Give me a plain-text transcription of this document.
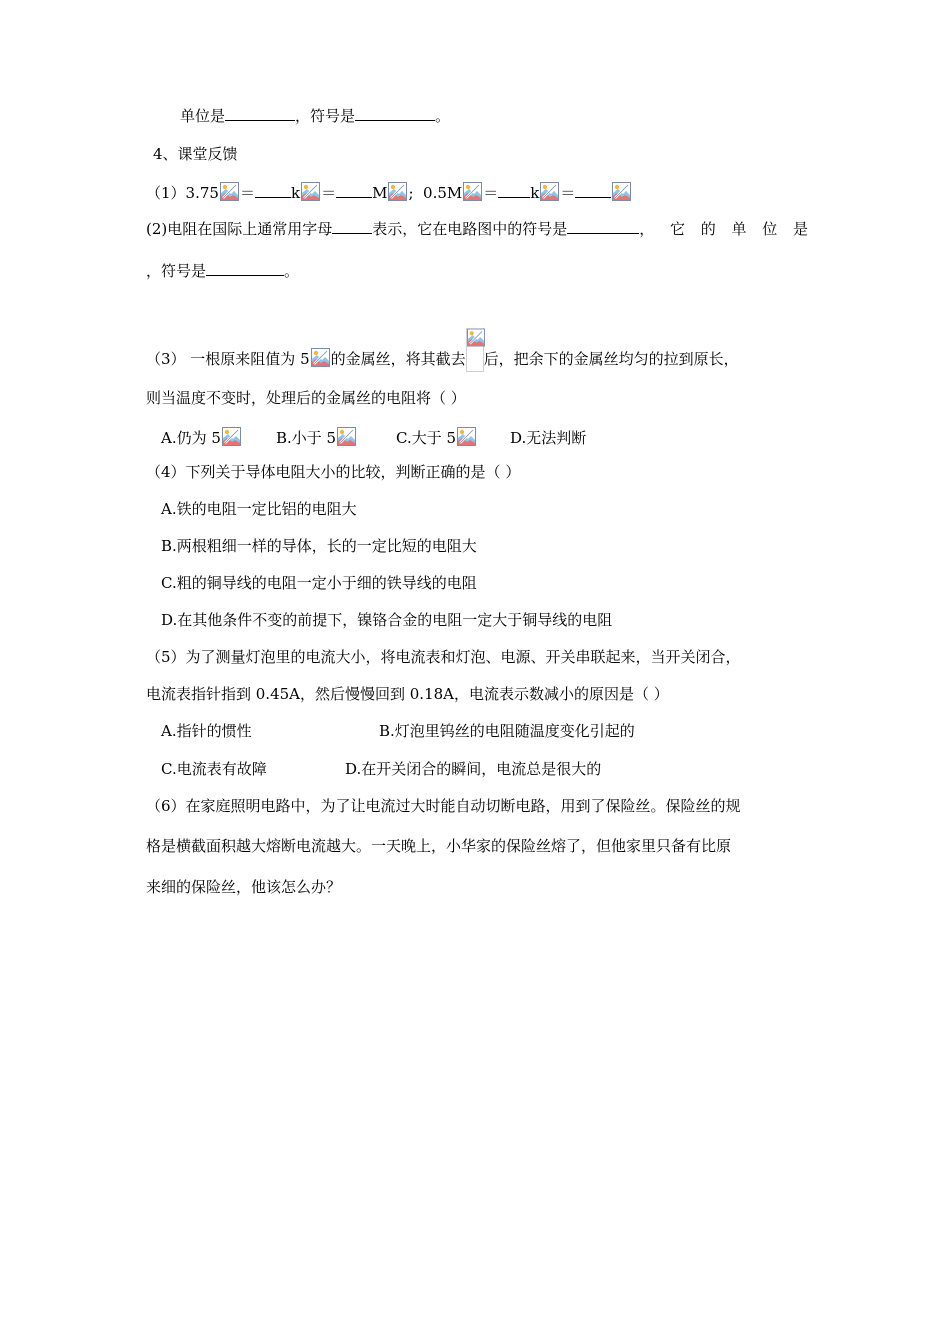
单位是	，符号是	。
4、课堂反馈
（1）3.75 ＝ k ＝ M ; 0.5M ＝ k ＝
(2)电阻在国际上通常用字母	表示，它在电路图中的符号是	， 它 的 单 位 是
，符号是	。
（3） 一根原来阻值为 5 的金属丝，将其截去 后，把余下的金属丝均匀的拉到原长，
则当温度不变时，处理后的金属丝的电阻将（ ）
A.仍为 5	B.小于 5	C.大于 5	D.无法判断
（4）下列关于导体电阻大小的比较，判断正确的是（ ）
A.铁的电阻一定比铝的电阻大
B.两根粗细一样的导体，长的一定比短的电阻大
C.粗的铜导线的电阻一定小于细的铁导线的电阻
D.在其他条件不变的前提下，镍铬合金的电阻一定大于铜导线的电阻
（5）为了测量灯泡里的电流大小，将电流表和灯泡、电源、开关串联起来，当开关闭合，
电流表指针指到 0.45A，然后慢慢回到 0.18A，电流表示数减小的原因是（ ）
A.指针的惯性	B.灯泡里钨丝的电阻随温度变化引起的
C.电流表有故障	D.在开关闭合的瞬间，电流总是很大的
（6）在家庭照明电路中，为了让电流过大时能自动切断电路，用到了保险丝。保险丝的规
格是横截面积越大熔断电流越大。一天晚上，小华家的保险丝熔了，但他家里只备有比原
来细的保险丝，他该怎么办？
